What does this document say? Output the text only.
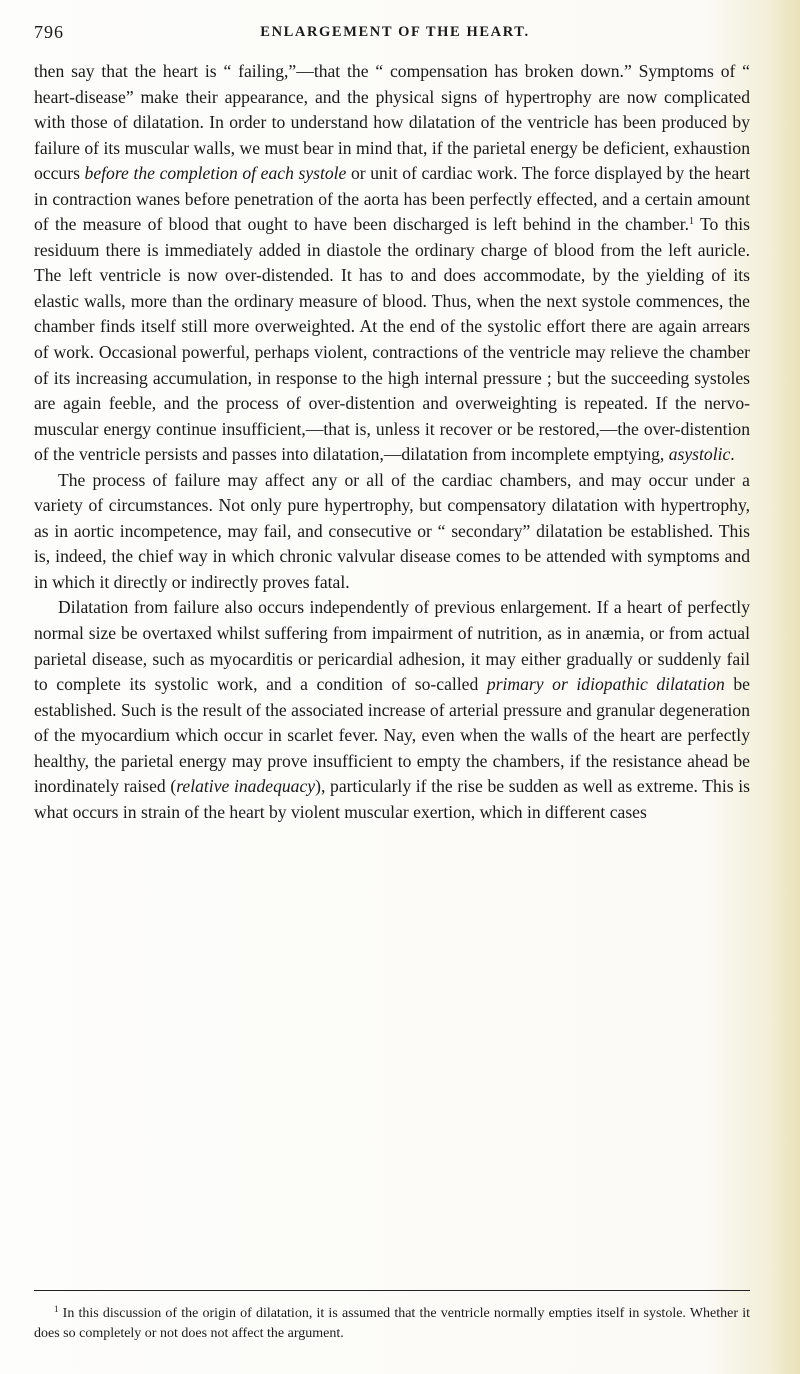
796	ENLARGEMENT OF THE HEART.

then say that the heart is “ failing,”—that the “ compensation has broken down.” Symptoms of “ heart-disease” make their appearance, and the physical signs of hypertrophy are now complicated with those of dilatation. In order to understand how dilatation of the ventricle has been produced by failure of its muscular walls, we must bear in mind that, if the parietal energy be deficient, exhaustion occurs before the completion of each systole or unit of cardiac work. The force displayed by the heart in contraction wanes before penetration of the aorta has been perfectly effected, and a certain amount of the measure of blood that ought to have been discharged is left behind in the chamber.$^1$ To this residuum there is immediately added in diastole the ordinary charge of blood from the left auricle. The left ventricle is now over-distended. It has to and does accommodate, by the yielding of its elastic walls, more than the ordinary measure of blood. Thus, when the next systole commences, the chamber finds itself still more overweighted. At the end of the systolic effort there are again arrears of work. Occasional powerful, perhaps violent, contractions of the ventricle may relieve the chamber of its increasing accumulation, in response to the high internal pressure ; but the succeeding systoles are again feeble, and the process of over-distention and overweighting is repeated. If the nervo-muscular energy continue insufficient,—that is, unless it recover or be restored,—the over-distention of the ventricle persists and passes into dilatation,—dilatation from incomplete emptying, asystolic.

The process of failure may affect any or all of the cardiac chambers, and may occur under a variety of circumstances. Not only pure hypertrophy, but compensatory dilatation with hypertrophy, as in aortic incompetence, may fail, and consecutive or “ secondary” dilatation be established. This is, indeed, the chief way in which chronic valvular disease comes to be attended with symptoms and in which it directly or indirectly proves fatal.

Dilatation from failure also occurs independently of previous enlargement. If a heart of perfectly normal size be overtaxed whilst suffering from impairment of nutrition, as in anæmia, or from actual parietal disease, such as myocarditis or pericardial adhesion, it may either gradually or suddenly fail to complete its systolic work, and a condition of so-called primary or idiopathic dilatation be established. Such is the result of the associated increase of arterial pressure and granular degeneration of the myocardium which occur in scarlet fever. Nay, even when the walls of the heart are perfectly healthy, the parietal energy may prove insufficient to empty the chambers, if the resistance ahead be inordinately raised (relative inadequacy), particularly if the rise be sudden as well as extreme. This is what occurs in strain of the heart by violent muscular exertion, which in different cases

$^1$ In this discussion of the origin of dilatation, it is assumed that the ventricle normally empties itself in systole. Whether it does so completely or not does not affect the argument.
